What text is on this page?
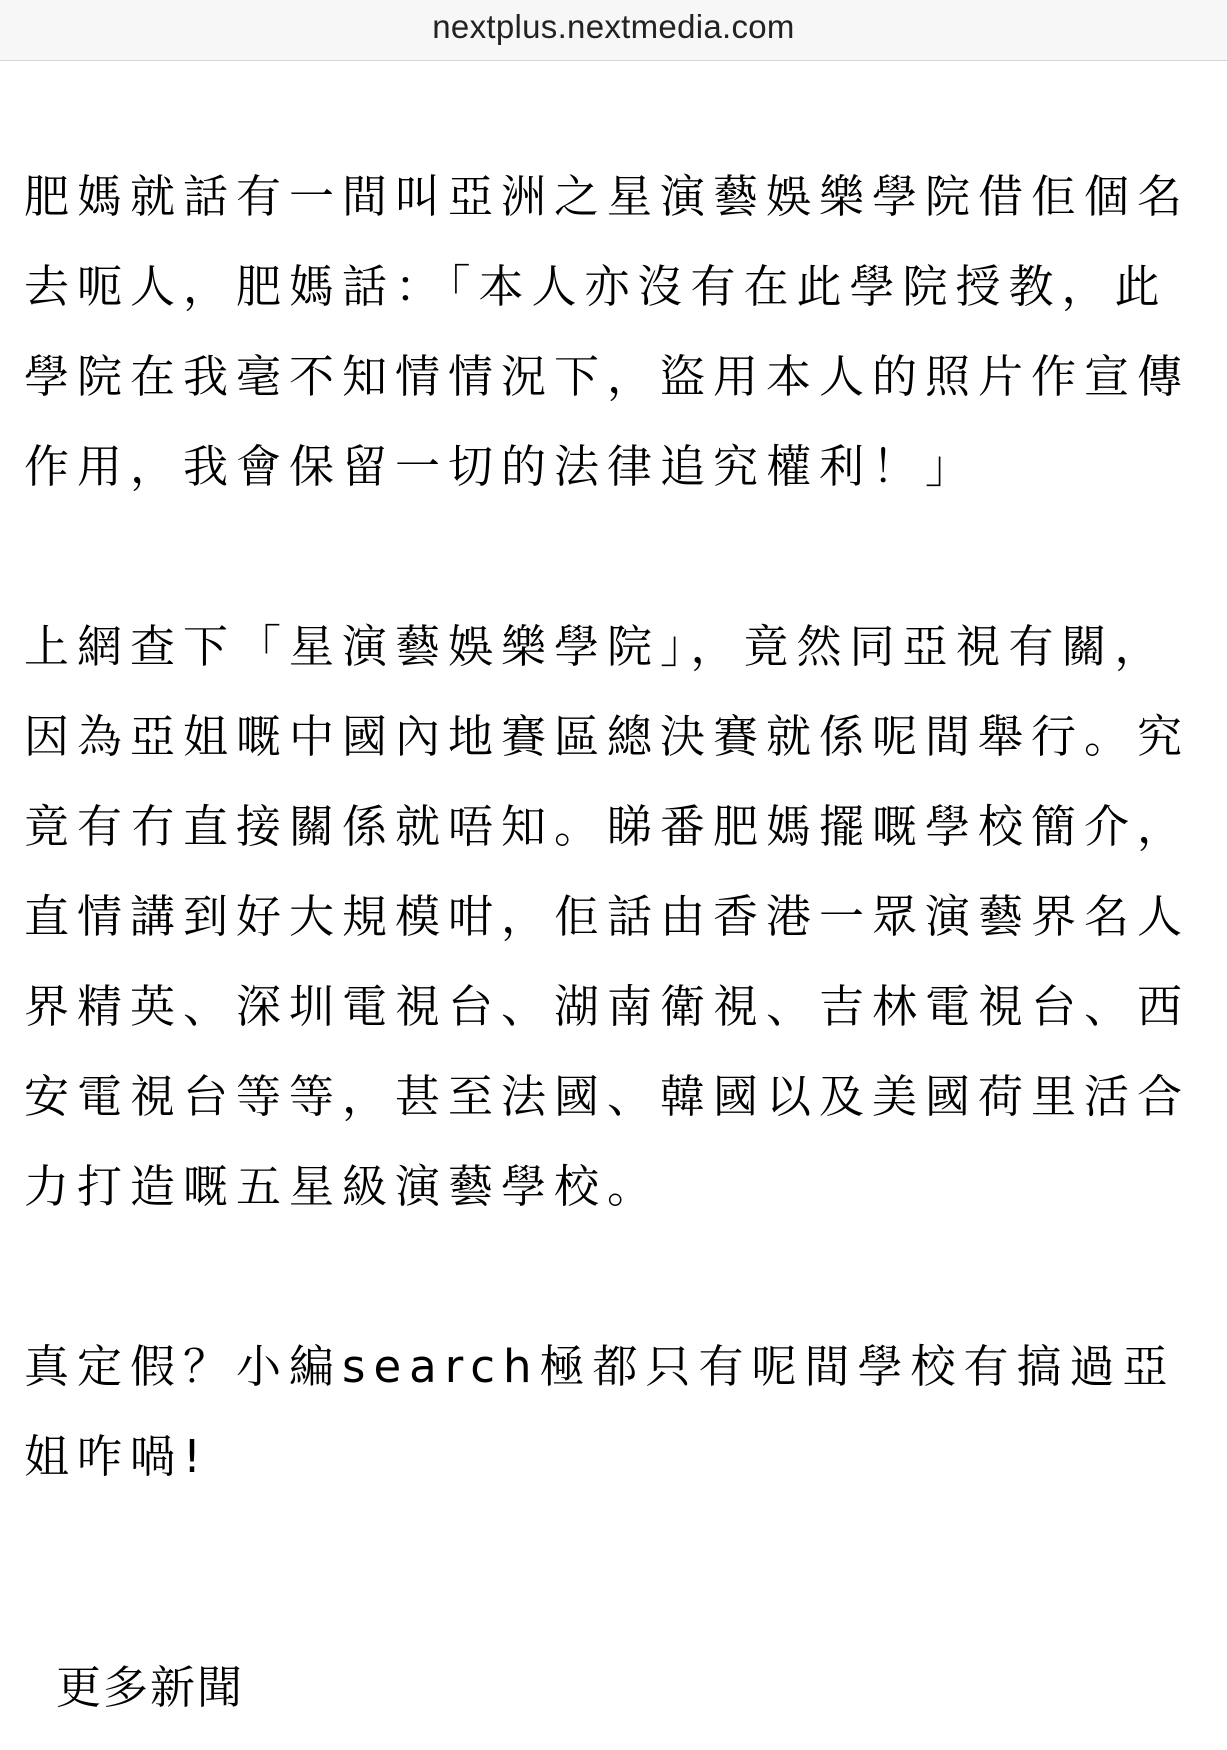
nextplus.nextmedia.com

肥媽就話有一間叫亞洲之星演藝娛樂學院借佢個名去呃人，肥媽話：「本人亦沒有在此學院授教，此學院在我毫不知情情況下，盜用本人的照片作宣傳作用，我會保留一切的法律追究權利！」

上網查下「星演藝娛樂學院」，竟然同亞視有關，因為亞姐嘅中國內地賽區總決賽就係呢間舉行。究竟有冇直接關係就唔知。睇番肥媽擺嘅學校簡介，直情講到好大規模咁，佢話由香港一眾演藝界名人界精英、深圳電視台、湖南衛視、吉林電視台、西安電視台等等，甚至法國、韓國以及美國荷里活合力打造嘅五星級演藝學校。

真定假？小編search極都只有呢間學校有搞過亞姐咋喎!

更多新聞
